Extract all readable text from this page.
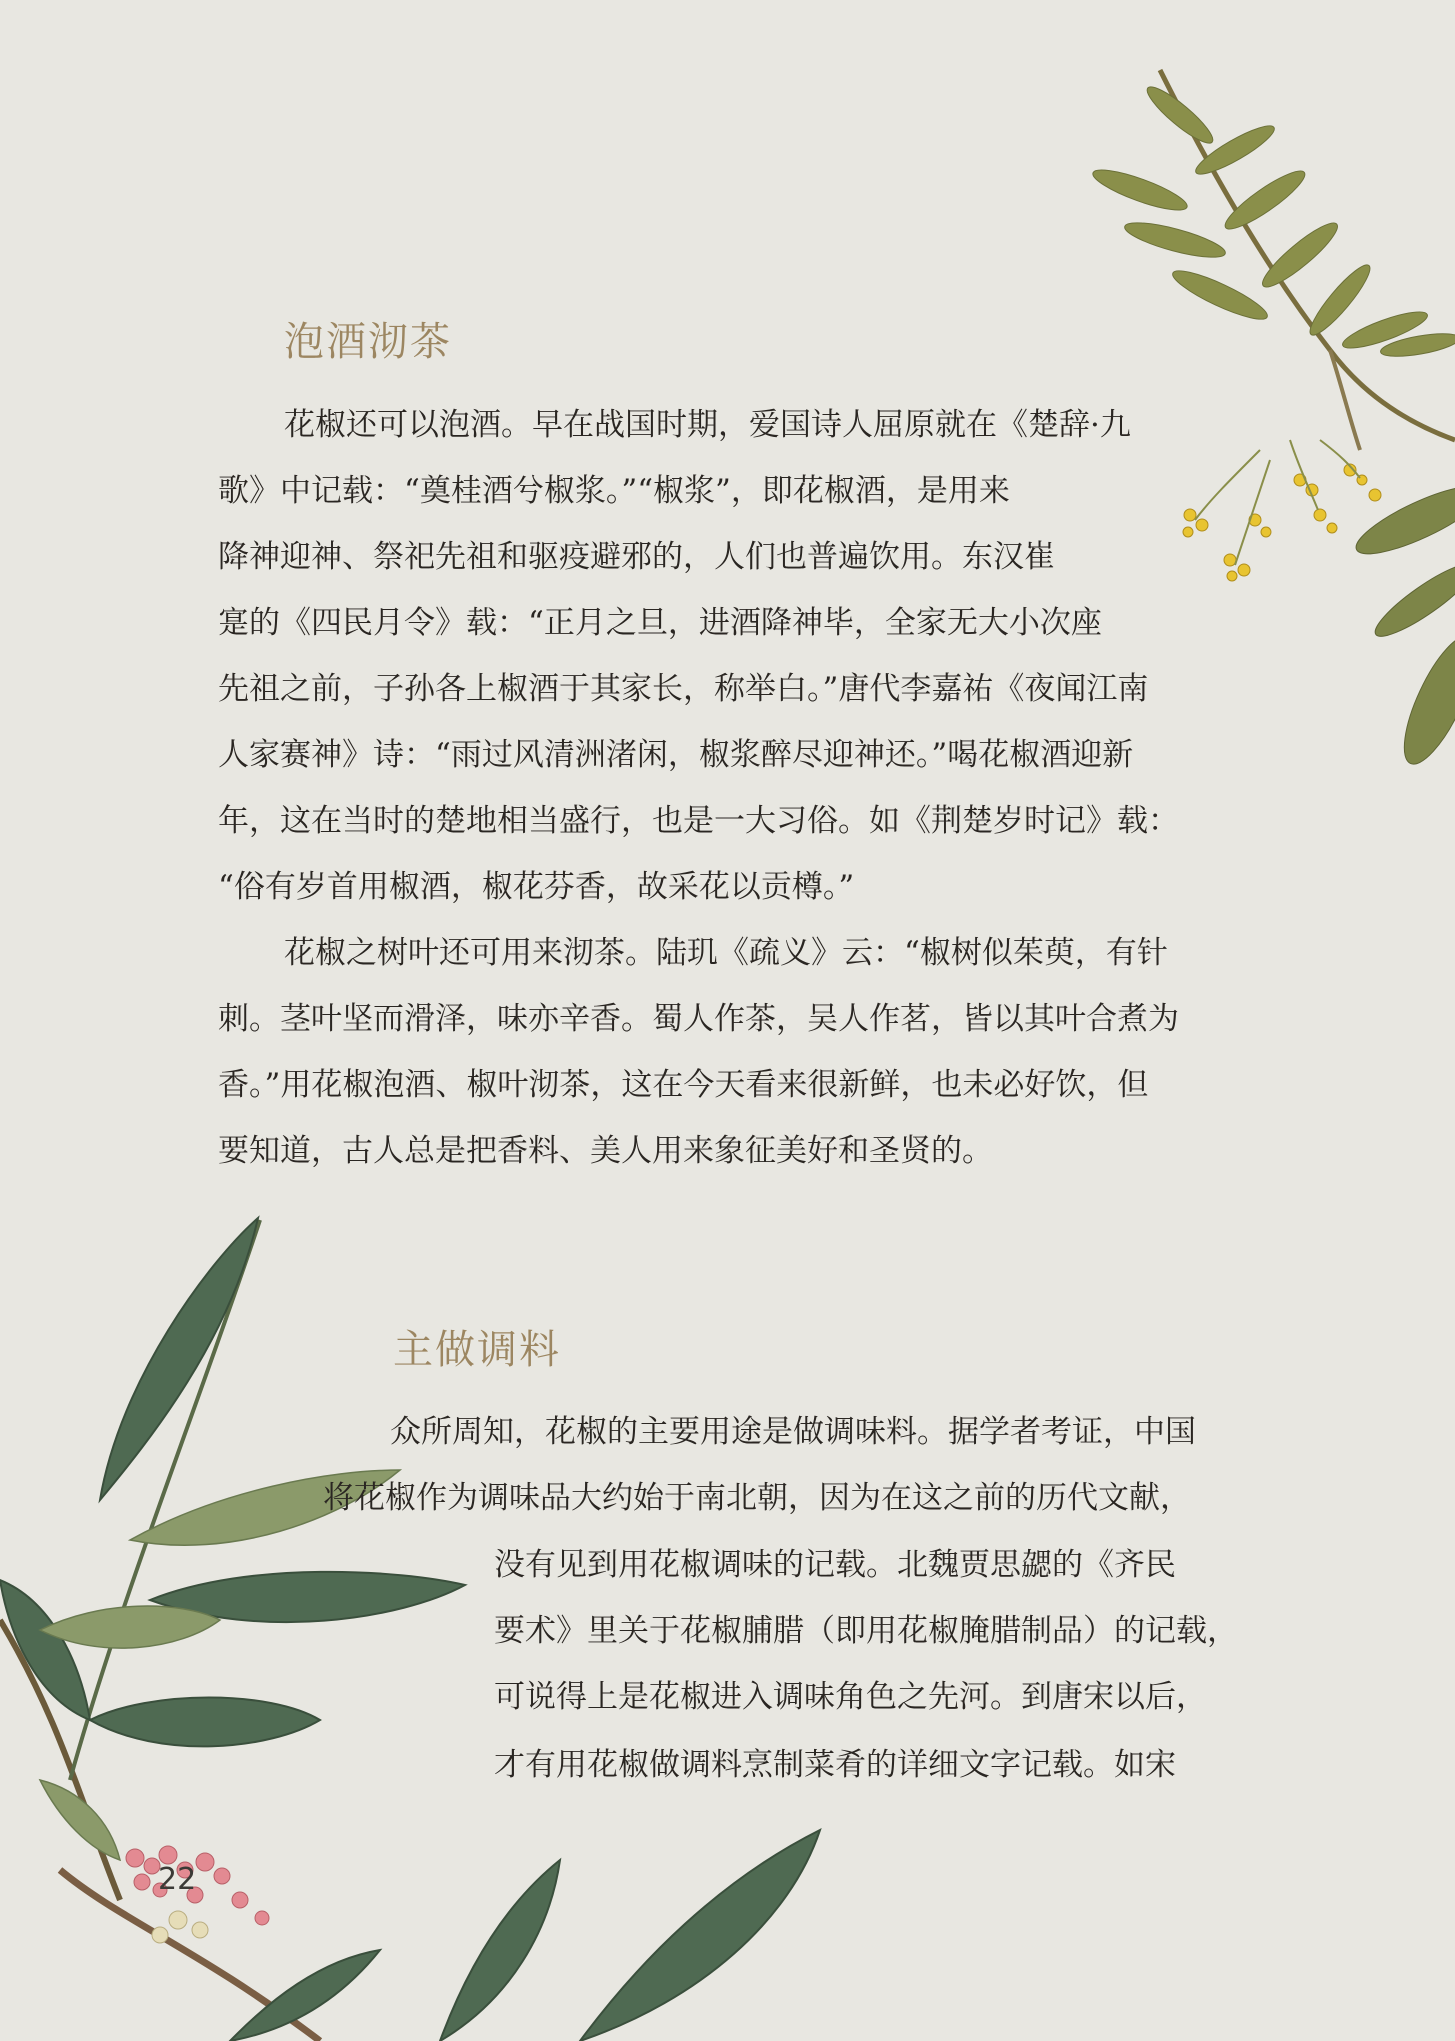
泡酒沏茶
花椒还可以泡酒。早在战国时期，爱国诗人屈原就在《楚辞·九
歌》中记载：“奠桂酒兮椒浆。”“椒浆”，即花椒酒，是用来
降神迎神、祭祀先祖和驱疫避邪的，人们也普遍饮用。东汉崔
寔的《四民月令》载：“正月之旦，进酒降神毕，全家无大小次座
先祖之前，子孙各上椒酒于其家长，称举白。”唐代李嘉祐《夜闻江南
人家赛神》诗：“雨过风清洲渚闲，椒浆醉尽迎神还。”喝花椒酒迎新
年，这在当时的楚地相当盛行，也是一大习俗。如《荆楚岁时记》载：
“俗有岁首用椒酒，椒花芬香，故采花以贡樽。”
花椒之树叶还可用来沏茶。陆玑《疏义》云：“椒树似茱萸，有针
刺。茎叶坚而滑泽，味亦辛香。蜀人作茶，吴人作茗，皆以其叶合煮为
香。”用花椒泡酒、椒叶沏茶，这在今天看来很新鲜，也未必好饮，但
要知道，古人总是把香料、美人用来象征美好和圣贤的。
主做调料
众所周知，花椒的主要用途是做调味料。据学者考证，中国
将花椒作为调味品大约始于南北朝，因为在这之前的历代文献，
没有见到用花椒调味的记载。北魏贾思勰的《齐民
要术》里关于花椒脯腊（即用花椒腌腊制品）的记载，
可说得上是花椒进入调味角色之先河。到唐宋以后，
才有用花椒做调料烹制菜肴的详细文字记载。如宋
22
